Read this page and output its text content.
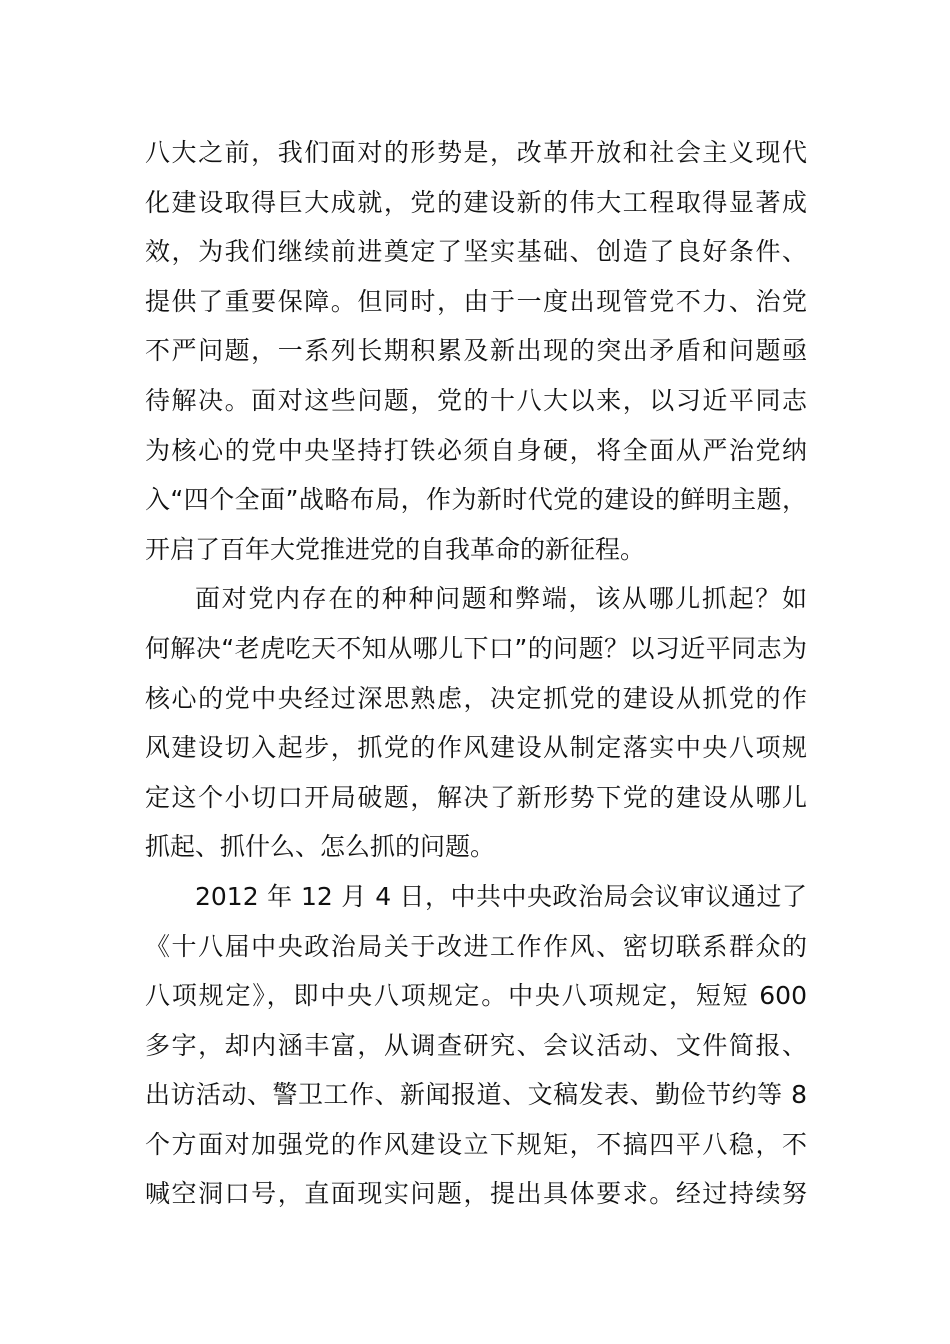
八大之前，我们面对的形势是，改革开放和社会主义现代
化建设取得巨大成就，党的建设新的伟大工程取得显著成
效，为我们继续前进奠定了坚实基础、创造了良好条件、
提供了重要保障。但同时，由于一度出现管党不力、治党
不严问题，一系列长期积累及新出现的突出矛盾和问题亟
待解决。面对这些问题，党的十八大以来，以习近平同志
为核心的党中央坚持打铁必须自身硬，将全面从严治党纳
入“四个全面”战略布局，作为新时代党的建设的鲜明主题，
开启了百年大党推进党的自我革命的新征程。
面对党内存在的种种问题和弊端，该从哪儿抓起？如
何解决“老虎吃天不知从哪儿下口”的问题？以习近平同志为
核心的党中央经过深思熟虑，决定抓党的建设从抓党的作
风建设切入起步，抓党的作风建设从制定落实中央八项规
定这个小切口开局破题，解决了新形势下党的建设从哪儿
抓起、抓什么、怎么抓的问题。
2012 年 12 月 4 日，中共中央政治局会议审议通过了
《十八届中央政治局关于改进工作作风、密切联系群众的
八项规定》，即中央八项规定。中央八项规定，短短 600
多字，却内涵丰富，从调查研究、会议活动、文件简报、
出访活动、警卫工作、新闻报道、文稿发表、勤俭节约等 8
个方面对加强党的作风建设立下规矩，不搞四平八稳，不
喊空洞口号，直面现实问题，提出具体要求。经过持续努
